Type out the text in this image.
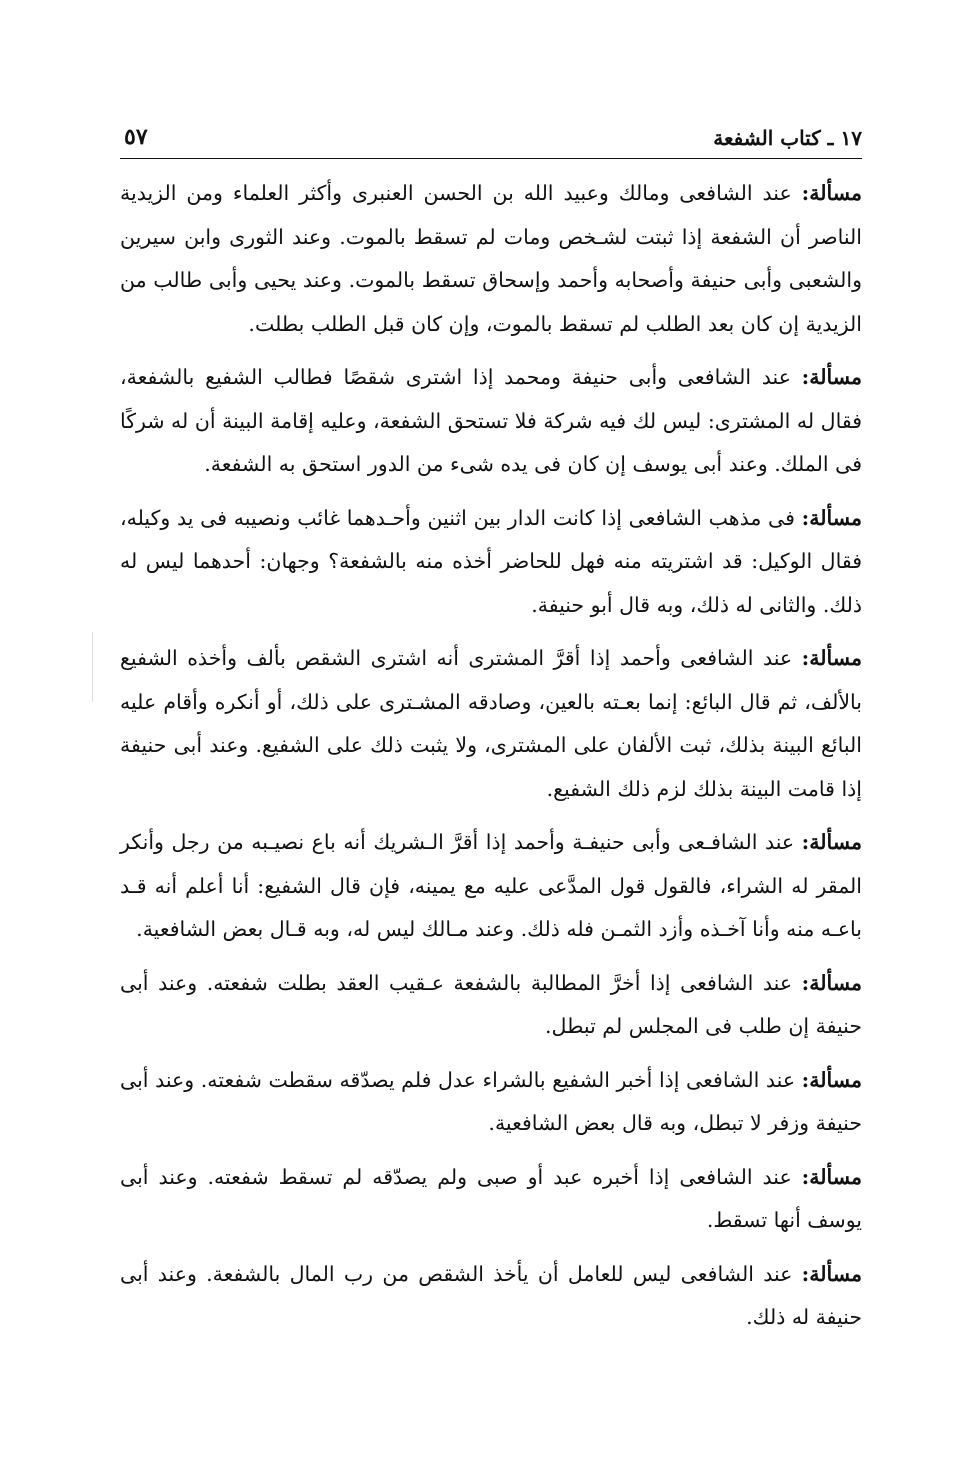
١٧ ـ كتاب الشفعة
٥٧

مسألة: عند الشافعى ومالك وعبيد الله بن الحسن العنبرى وأكثر العلماء ومن الزيدية الناصر أن الشفعة إذا ثبتت لشـخص ومات لم تسقط بالموت. وعند الثورى وابن سيرين والشعبى وأبى حنيفة وأصحابه وأحمد وإسحاق تسقط بالموت. وعند يحيى وأبى طالب من الزيدية إن كان بعد الطلب لم تسقط بالموت، وإن كان قبل الطلب بطلت.

مسألة: عند الشافعى وأبى حنيفة ومحمد إذا اشترى شقصًا فطالب الشفيع بالشفعة، فقال له المشترى: ليس لك فيه شركة فلا تستحق الشفعة، وعليه إقامة البينة أن له شركًا فى الملك. وعند أبى يوسف إن كان فى يده شىء من الدور استحق به الشفعة.

مسألة: فى مذهب الشافعى إذا كانت الدار بين اثنين وأحـدهما غائب ونصيبه فى يد وكيله، فقال الوكيل: قد اشتريته منه فهل للحاضر أخذه منه بالشفعة؟ وجهان: أحدهما ليس له ذلك. والثانى له ذلك، وبه قال أبو حنيفة.

مسألة: عند الشافعى وأحمد إذا أقرَّ المشترى أنه اشترى الشقص بألف وأخذه الشفيع بالألف، ثم قال البائع: إنما بعـته بالعين، وصادقه المشـترى على ذلك، أو أنكره وأقام عليه البائع البينة بذلك، ثبت الألفان على المشترى، ولا يثبت ذلك على الشفيع. وعند أبى حنيفة إذا قامت البينة بذلك لزم ذلك الشفيع.

مسألة: عند الشافـعى وأبى حنيفـة وأحمد إذا أقرَّ الـشريك أنه باع نصيـبه من رجل وأنكر المقر له الشراء، فالقول قول المدَّعى عليه مع يمينه، فإن قال الشفيع: أنا أعلم أنه قـد باعـه منه وأنا آخـذه وأزد الثمـن فله ذلك. وعند مـالك ليس له، وبه قـال بعض الشافعية.

مسألة: عند الشافعى إذا أخرَّ المطالبة بالشفعة عـقيب العقد بطلت شفعته. وعند أبى حنيفة إن طلب فى المجلس لم تبطل.

مسألة: عند الشافعى إذا أخبر الشفيع بالشراء عدل فلم يصدّقه سقطت شفعته. وعند أبى حنيفة وزفر لا تبطل، وبه قال بعض الشافعية.

مسألة: عند الشافعى إذا أخبره عبد أو صبى ولم يصدّقه لم تسقط شفعته. وعند أبى يوسف أنها تسقط.

مسألة: عند الشافعى ليس للعامل أن يأخذ الشقص من رب المال بالشفعة. وعند أبى حنيفة له ذلك.
